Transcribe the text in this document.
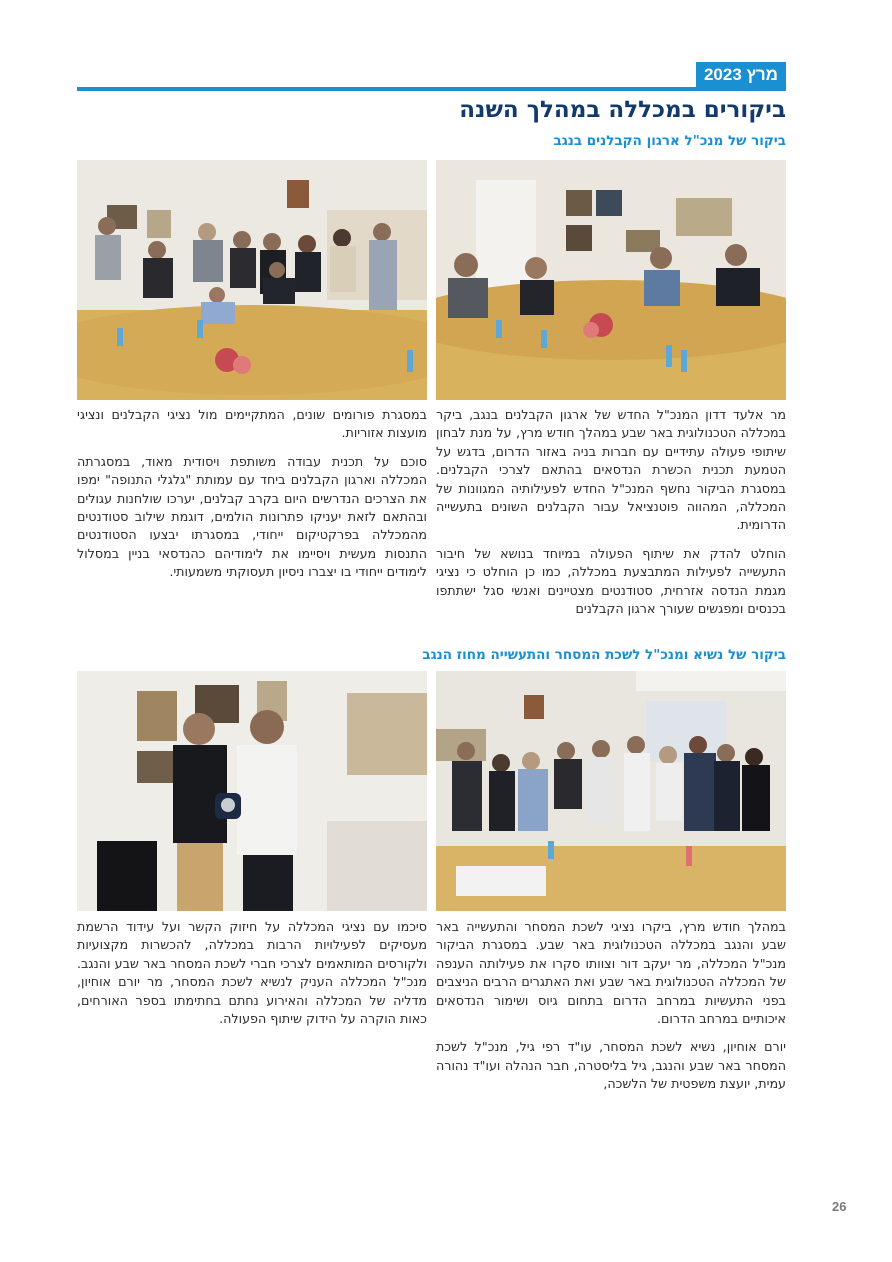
מרץ 2023
ביקורים במכללה במהלך השנה
ביקור של מנכ"ל ארגון הקבלנים בנגב

מר אלעד דדון המנכ"ל החדש של ארגון הקבלנים בנגב, ביקר במכללה הטכנולוגית באר שבע במהלך חודש מרץ, על מנת לבחון שיתופי פעולה עתידיים עם חברות בניה באזור הדרום, בדגש על הטמעת תכנית הכשרת הנדסאים בהתאם לצרכי הקבלנים. במסגרת הביקור נחשף המנכ"ל החדש לפעילותיה המגוונות של המכללה, המהווה פוטנציאל עבור הקבלנים השונים בתעשייה הדרומית.

הוחלט להדק את שיתוף הפעולה במיוחד בנושא של חיבור התעשייה לפעילות המתבצעת במכללה, כמו כן הוחלט כי נציגי מגמת הנדסה אזרחית, סטודנטים מצטיינים ואנשי סגל ישתתפו בכנסים ומפגשים שעורך ארגון הקבלנים

במסגרת פורומים שונים, המתקיימים מול נציגי הקבלנים ונציגי מועצות אזוריות.

סוכם על תכנית עבודה משותפת ויסודית מאוד, במסגרתה המכללה וארגון הקבלנים ביחד עם עמותת "גלגלי התנופה" ימפו את הצרכים הנדרשים היום בקרב קבלנים, יערכו שולחנות עגולים ובהתאם לזאת יעניקו פתרונות הולמים, דוגמת שילוב סטודנטים מהמכללה בפרקטיקום ייחודי, במסגרתו יבצעו הסטודנטים התנסות מעשית ויסיימו את לימודיהם כהנדסאי בניין במסלול לימודים ייחודי בו יצברו ניסיון תעסוקתי משמעותי.

ביקור של נשיא ומנכ"ל לשכת המסחר והתעשייה מחוז הנגב

במהלך חודש מרץ, ביקרו נציגי לשכת המסחר והתעשייה באר שבע והנגב במכללה הטכנולוגית באר שבע. במסגרת הביקור מנכ"ל המכללה, מר יעקב דור וצוותו סקרו את פעילותה הענפה של המכללה הטכנולוגית באר שבע ואת האתגרים הרבים הניצבים בפני התעשיות במרחב הדרום בתחום גיוס ושימור הנדסאים איכותיים במרחב הדרום.

יורם אוחיון, נשיא לשכת המסחר, עו"ד רפי גיל, מנכ"ל לשכת המסחר באר שבע והנגב, גיל בליסטרה, חבר הנהלה ועו"ד נהורה עמית, יועצת משפטית של הלשכה,

סיכמו עם נציגי המכללה על חיזוק הקשר ועל עידוד הרשמת מעסיקים לפעילויות הרבות במכללה, להכשרות מקצועיות ולקורסים המותאמים לצרכי חברי לשכת המסחר באר שבע והנגב. מנכ"ל המכללה העניק לנשיא לשכת המסחר, מר יורם אוחיון, מדליה של המכללה והאירוע נחתם בחתימתו בספר האורחים, כאות הוקרה על הידוק שיתוף הפעולה.

26
